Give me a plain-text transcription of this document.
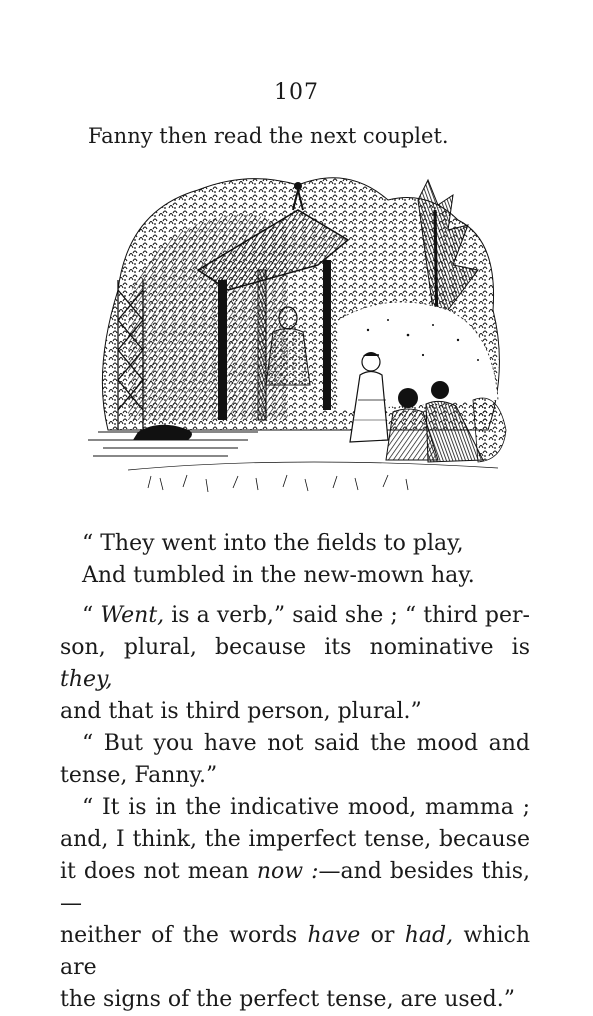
107
Fanny then read the next couplet.
“ They went into the fields to play,
And tumbled in the new-mown hay.

“ Went, is a verb,” said she ; “ third per-
son, plural, because its nominative is they,
and that is third person, plural.”

“ But you have not said the mood and
tense, Fanny.”

“ It is in the indicative mood, mamma ;
and, I think, the imperfect tense, because
it does not mean now :—and besides this,—
neither of the words have or had, which are
the signs of the perfect tense, are used.”
